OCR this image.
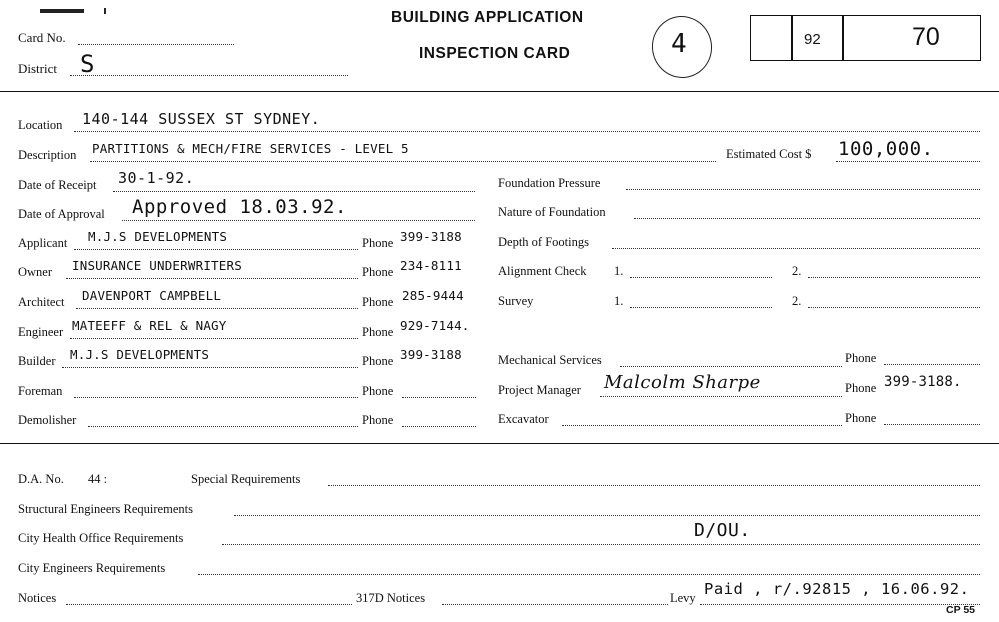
Card No.
District S
BUILDING APPLICATION
INSPECTION CARD	4	92	70
Location 140-144 SUSSEX ST SYDNEY.
Description PARTITIONS & MECH/FIRE SERVICES - LEVEL 5	Estimated Cost $ 100,000.
Date of Receipt 30-1-92.	Foundation Pressure
Date of Approval Approved 18.03.92.	Nature of Foundation
Applicant M.J.S DEVELOPMENTS	Phone 399-3188	Depth of Footings
Owner INSURANCE UNDERWRITERS	Phone 234-8111	Alignment Check 1.	2.
Architect DAVENPORT CAMPBELL	Phone 285-9444	Survey	1.	2.
Engineer MATEEFF & REL & NAGY	Phone 929-7144.
Builder M.J.S DEVELOPMENTS	Phone 399-3188	Mechanical Services	Phone
Foreman	Phone	Project Manager Malcolm Sharpe	Phone 399-3188.
Demolisher	Phone	Excavator	Phone
D.A. No. 44 :	Special Requirements
Structural Engineers Requirements
City Health Office Requirements	D/OU.
City Engineers Requirements
Notices	317D Notices	Levy Paid , r/.92815 , 16.06.92.
CP 55
